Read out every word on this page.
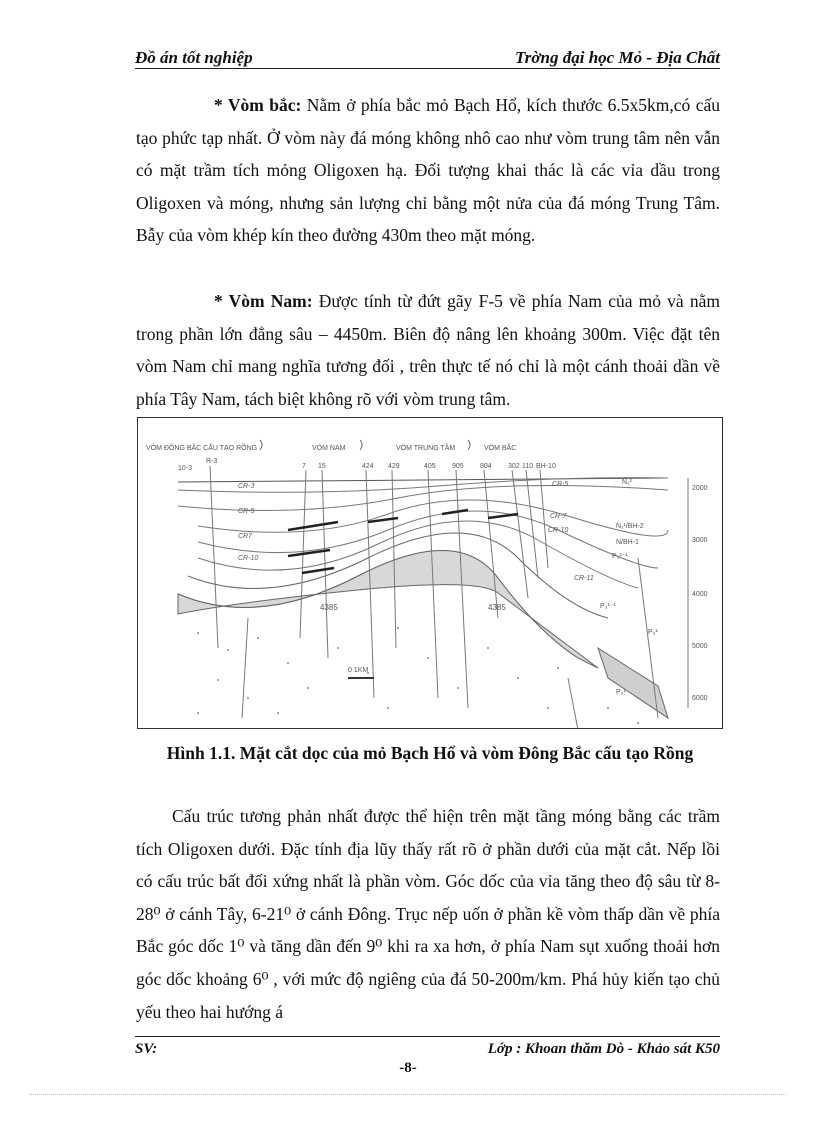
Đồ án tốt nghiệp	Trờng đại học Mỏ - Địa Chất

* Vòm bắc: Nằm ở phía bắc mỏ Bạch Hổ, kích thước 6.5x5km,có cấu tạo phức tạp nhất. Ở vòm này đá móng không nhô cao như vòm trung tâm nên vẫn có mặt trầm tích mỏng Oligoxen hạ. Đối tượng khai thác là các vỉa dầu trong Oligoxen và móng, nhưng sản lượng chỉ bằng một nửa của đá móng Trung Tâm. Bẫy của vòm khép kín theo đường 430m theo mặt móng.

* Vòm Nam: Được tính từ đứt gãy F-5 về phía Nam của mỏ và nằm trong phần lớn đẳng sâu – 4450m. Biên độ nâng lên khoảng 300m. Việc đặt tên vòm Nam chỉ mang nghĩa tương đối , trên thực tế nó chỉ là một cánh thoải dần về phía Tây Nam, tách biệt không rõ với vòm trung tâm.

VÒM ĐÔNG BẮC CẤU TẠO RỒNG	VÒM NAM	VÒM TRUNG TÂM	VÒM BẮC
10-3
R-3
7 15	424 429	405 905 804 302 110 BH-10
CR-3
CR-5
CR7
CR-10
CR-5
CR-7
CR-10
CR-11
N₁²
N₁¹/BH-2
N/BH-1
P₃²⁻¹
P₃¹⁻¹
P₃¹
P₃¹
4385	4385
2000
3000
4000
5000
6000
0 1KM
Hình 1.1. Mặt cắt dọc của mỏ Bạch Hổ và vòm Đông Bắc cấu tạo Rồng

Cấu trúc tương phản nhất được thể hiện trên mặt tầng móng bằng các trầm tích Oligoxen dưới. Đặc tính địa lũy thấy rất rõ ở phần dưới của mặt cắt. Nếp lồi có cấu trúc bất đối xứng nhất là phần vòm. Góc dốc của vỉa tăng theo độ sâu từ 8-28⁰ ở cánh Tây, 6-21⁰ ở cánh Đông. Trục nếp uốn ở phần kề vòm thấp dần về phía Bắc góc dốc 1⁰ và tăng dần đến 9⁰ khi ra xa hơn, ở phía Nam sụt xuống thoải hơn góc dốc khoảng 6⁰ , với mức độ ngiêng của đá 50-200m/km. Phá hủy kiến tạo chủ yếu theo hai hướng á

SV:	Lớp : Khoan thăm Dò - Khảo sát K50
-8-
